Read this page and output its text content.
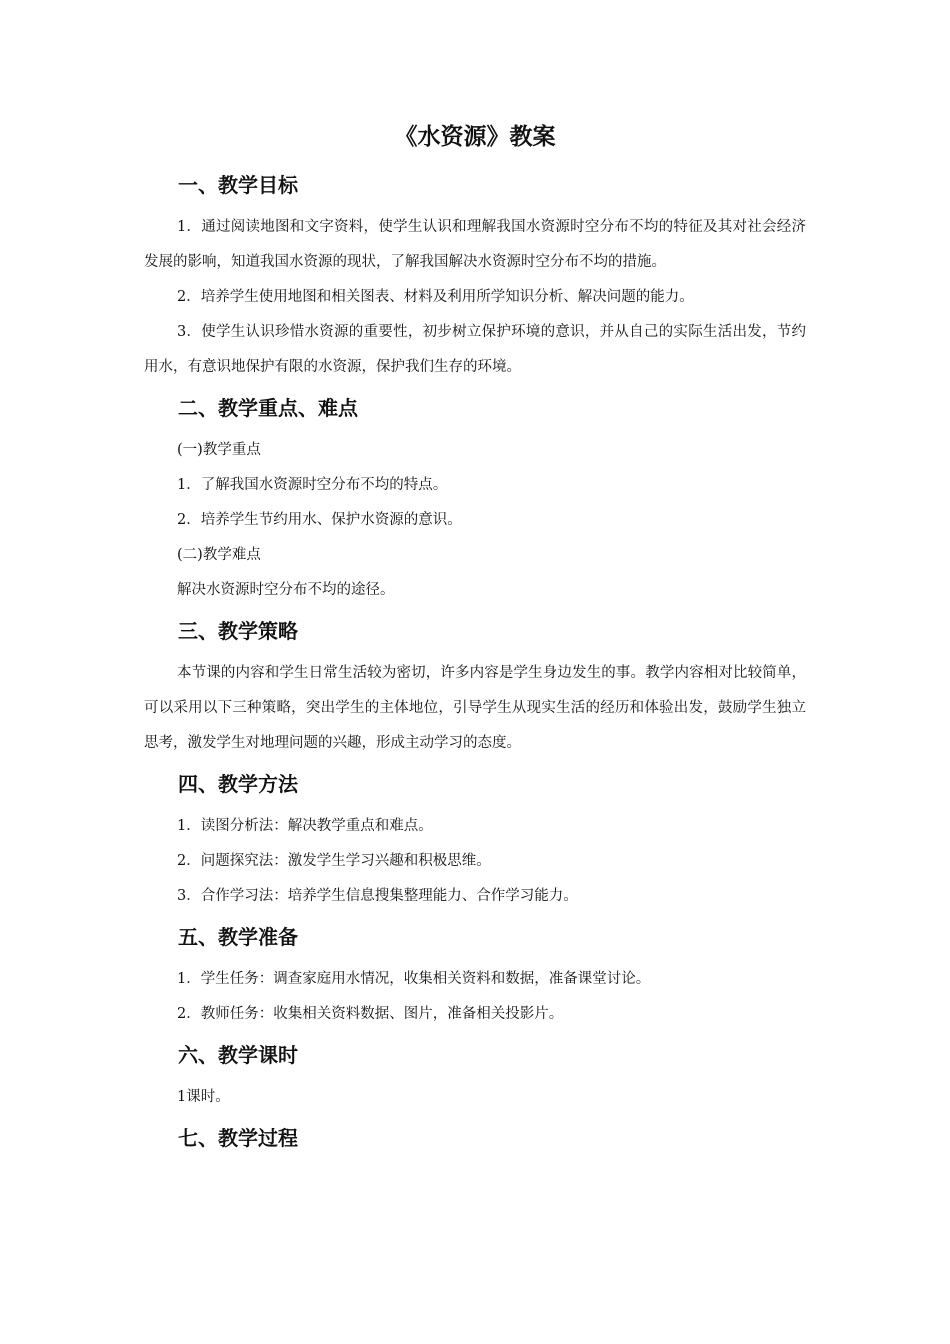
《水资源》教案
一、教学目标

1．通过阅读地图和文字资料，使学生认识和理解我国水资源时空分布不均的特征及其对社会经济发展的影响，知道我国水资源的现状，了解我国解决水资源时空分布不均的措施。

2．培养学生使用地图和相关图表、材料及利用所学知识分析、解决问题的能力。

3．使学生认识珍惜水资源的重要性，初步树立保护环境的意识，并从自己的实际生活出发，节约用水，有意识地保护有限的水资源，保护我们生存的环境。

二、教学重点、难点

(一)教学重点

1．了解我国水资源时空分布不均的特点。

2．培养学生节约用水、保护水资源的意识。

(二)教学难点

解决水资源时空分布不均的途径。

三、教学策略

本节课的内容和学生日常生活较为密切，许多内容是学生身边发生的事。教学内容相对比较简单，可以采用以下三种策略，突出学生的主体地位，引导学生从现实生活的经历和体验出发，鼓励学生独立思考，激发学生对地理问题的兴趣，形成主动学习的态度。

四、教学方法

1．读图分析法：解决教学重点和难点。

2．问题探究法：激发学生学习兴趣和积极思维。

3．合作学习法：培养学生信息搜集整理能力、合作学习能力。

五、教学准备

1．学生任务：调查家庭用水情况，收集相关资料和数据，准备课堂讨论。

2．教师任务：收集相关资料数据、图片，准备相关投影片。

六、教学课时

1课时。

七、教学过程
